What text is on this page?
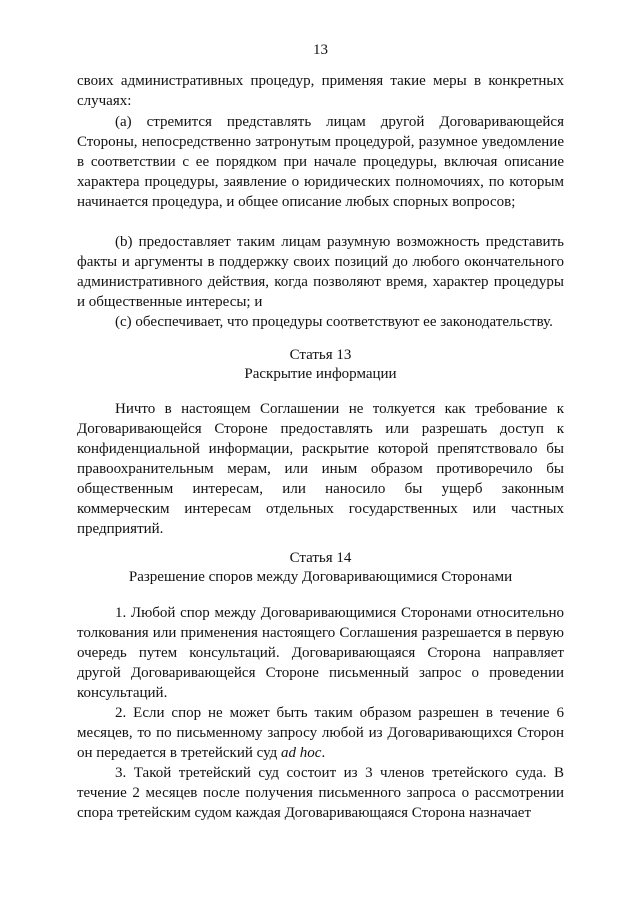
13

своих административных процедур, применяя такие меры в конкретных случаях:

(a) стремится представлять лицам другой Договаривающейся Стороны, непосредственно затронутым процедурой, разумное уведомление в соответствии с ее порядком при начале процедуры, включая описание характера процедуры, заявление о юридических полномочиях, по которым начинается процедура, и общее описание любых спорных вопросов;

(b) предоставляет таким лицам разумную возможность представить факты и аргументы в поддержку своих позиций до любого окончательного административного действия, когда позволяют время, характер процедуры и общественные интересы; и

(c) обеспечивает, что процедуры соответствуют ее законодательству.

Статья 13
Раскрытие информации

Ничто в настоящем Соглашении не толкуется как требование к Договаривающейся Стороне предоставлять или разрешать доступ к конфиденциальной информации, раскрытие которой препятствовало бы правоохранительным мерам, или иным образом противоречило бы общественным интересам, или наносило бы ущерб законным коммерческим интересам отдельных государственных или частных предприятий.

Статья 14
Разрешение споров между Договаривающимися Сторонами

1. Любой спор между Договаривающимися Сторонами относительно толкования или применения настоящего Соглашения разрешается в первую очередь путем консультаций. Договаривающаяся Сторона направляет другой Договаривающейся Стороне письменный запрос о проведении консультаций.

2. Если спор не может быть таким образом разрешен в течение 6 месяцев, то по письменному запросу любой из Договаривающихся Сторон он передается в третейский суд ad hoc.

3. Такой третейский суд состоит из 3 членов третейского суда. В течение 2 месяцев после получения письменного запроса о рассмотрении спора третейским судом каждая Договаривающаяся Сторона назначает
